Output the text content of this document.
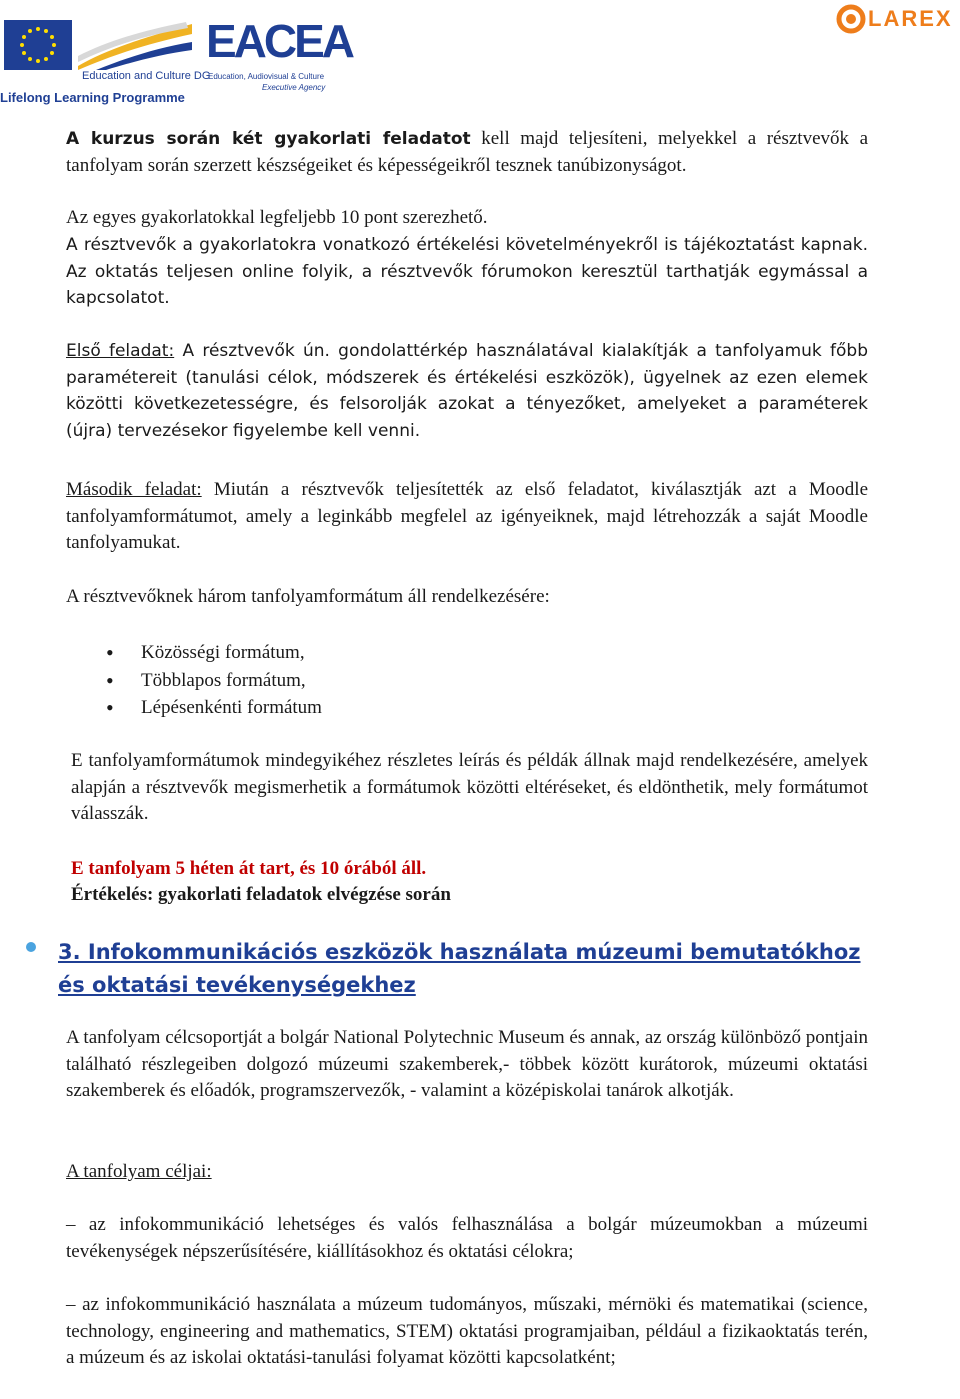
Education and Culture DG
Lifelong Learning Programme
EACEA
Education, Audiovisual & Culture
Executive Agency
LAREX

A kurzus során két gyakorlati feladatot kell majd teljesíteni, melyekkel a résztvevők a tanfolyam során szerzett készségeiket és képességeikről tesznek tanúbizonyságot.

Az egyes gyakorlatokkal legfeljebb 10 pont szerezhető.

A résztvevők a gyakorlatokra vonatkozó értékelési követelményekről is tájékoztatást kapnak. Az oktatás teljesen online folyik, a résztvevők fórumokon keresztül tarthatják egymással a kapcsolatot.

Első feladat: A résztvevők ún. gondolattérkép használatával kialakítják a tanfolyamuk főbb paramétereit (tanulási célok, módszerek és értékelési eszközök), ügyelnek az ezen elemek közötti következetességre, és felsorolják azokat a tényezőket, amelyeket a paraméterek (újra) tervezésekor figyelembe kell venni.

Második feladat: Miután a résztvevők teljesítették az első feladatot, kiválasztják azt a Moodle tanfolyamformátumot, amely a leginkább megfelel az igényeiknek, majd létrehozzák a saját Moodle tanfolyamukat.

A résztvevőknek három tanfolyamformátum áll rendelkezésére:

• Közösségi formátum,
• Többlapos formátum,
• Lépésenkénti formátum

E tanfolyamformátumok mindegyikéhez részletes leírás és példák állnak majd rendelkezésére, amelyek alapján a résztvevők megismerhetik a formátumok közötti eltéréseket, és eldönthetik, mely formátumot válasszák.

E tanfolyam 5 héten át tart, és 10 órából áll.

Értékelés: gyakorlati feladatok elvégzése során

3. Infokommunikációs eszközök használata múzeumi bemutatókhoz és oktatási tevékenységekhez

A tanfolyam célcsoportját a bolgár National Polytechnic Museum és annak, az ország különböző pontjain található részlegeiben dolgozó múzeumi szakemberek,- többek között kurátorok, múzeumi oktatási szakemberek és előadók, programszervezők, - valamint a középiskolai tanárok alkotják.

A tanfolyam céljai:

– az infokommunikáció lehetséges és valós felhasználása a bolgár múzeumokban a múzeumi tevékenységek népszerűsítésére, kiállításokhoz és oktatási célokra;

– az infokommunikáció használata a múzeum tudományos, műszaki, mérnöki és matematikai (science, technology, engineering and mathematics, STEM) oktatási programjaiban, például a fizikaoktatás terén, a múzeum és az iskolai oktatási-tanulási folyamat közötti kapcsolatként;
